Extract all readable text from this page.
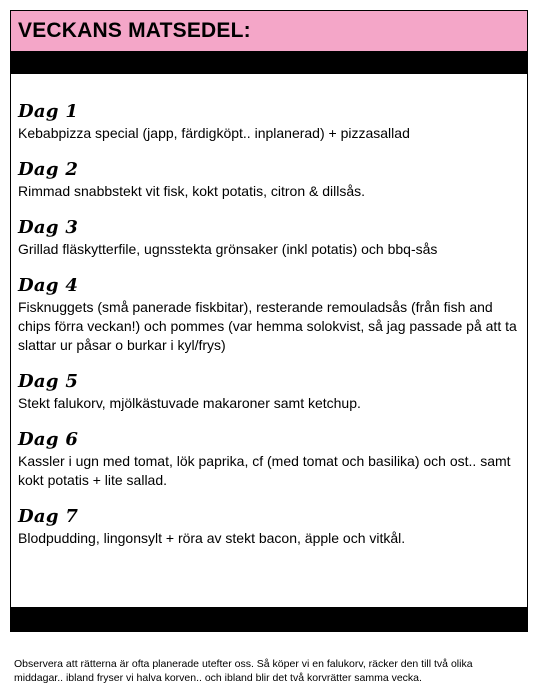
VECKANS MATSEDEL:
Dag 1
Kebabpizza special (japp, färdigköpt.. inplanerad) + pizzasallad
Dag 2
Rimmad snabbstekt vit fisk, kokt potatis, citron & dillsås.
Dag 3
Grillad fläskytterfile, ugnsstekta grönsaker (inkl potatis) och bbq-sås
Dag 4
Fisknuggets (små panerade fiskbitar), resterande remouladsås (från fish and chips förra veckan!) och pommes (var hemma solokvist, så jag passade på att ta slattar ur påsar o burkar i kyl/frys)
Dag 5
Stekt falukorv, mjölkästuvade makaroner samt ketchup.
Dag 6
Kassler i ugn med tomat, lök paprika, cf (med tomat och basilika) och ost.. samt kokt potatis + lite sallad.
Dag 7
Blodpudding, lingonsylt + röra av stekt bacon, äpple och vitkål.
Observera att rätterna är ofta planerade utefter oss. Så köper vi en falukorv, räcker den till två olika middagar.. ibland fryser vi halva korven.. och ibland blir det två korvrätter samma vecka.
